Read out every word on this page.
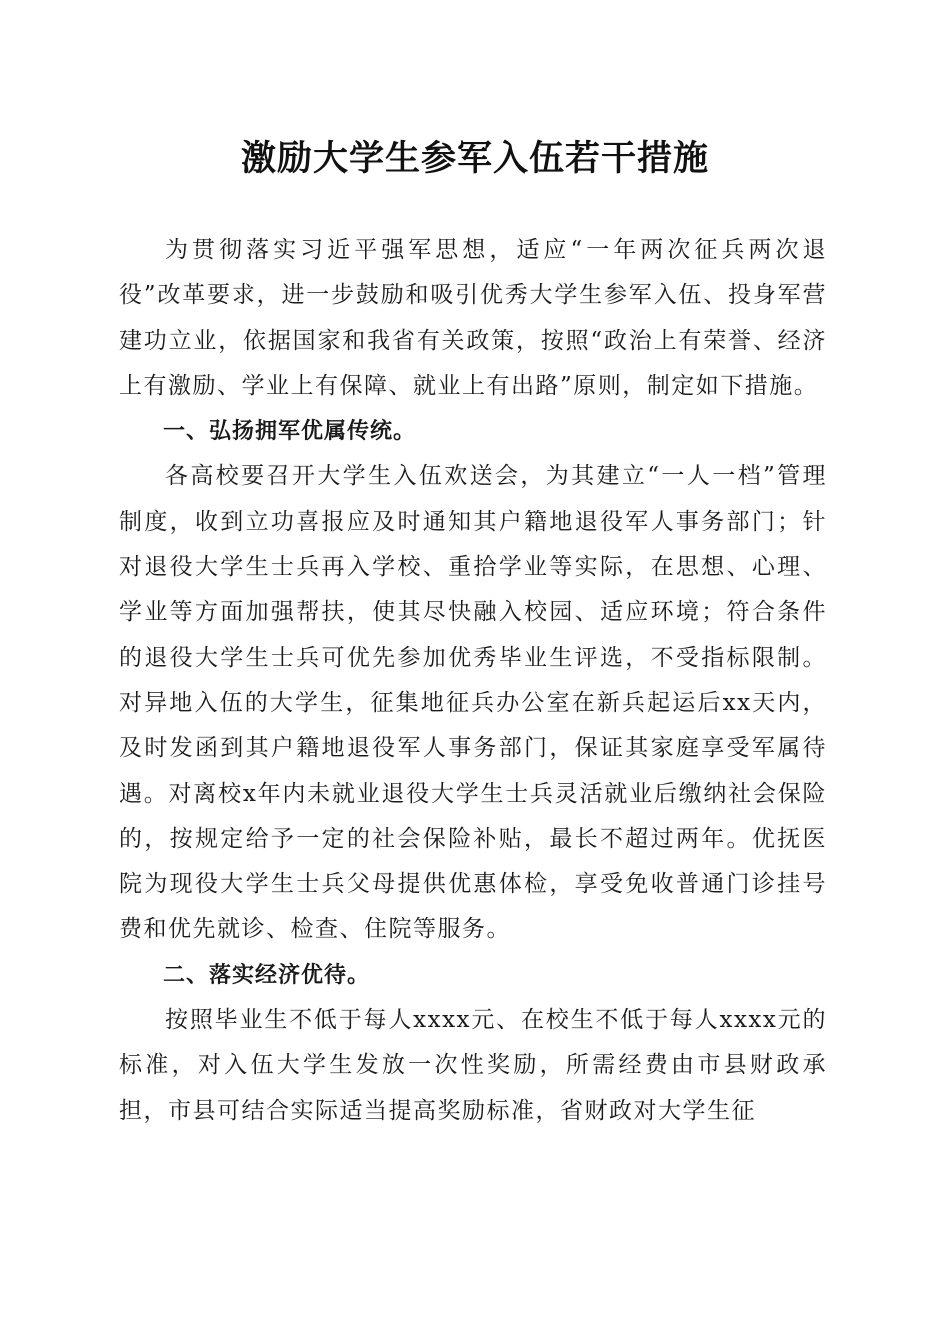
激励大学生参军入伍若干措施

为贯彻落实习近平强军思想，适应“一年两次征兵两次退役”改革要求，进一步鼓励和吸引优秀大学生参军入伍、投身军营建功立业，依据国家和我省有关政策，按照“政治上有荣誉、经济上有激励、学业上有保障、就业上有出路”原则，制定如下措施。

一、弘扬拥军优属传统。

各高校要召开大学生入伍欢送会，为其建立“一人一档”管理制度，收到立功喜报应及时通知其户籍地退役军人事务部门；针对退役大学生士兵再入学校、重拾学业等实际，在思想、心理、学业等方面加强帮扶，使其尽快融入校园、适应环境；符合条件的退役大学生士兵可优先参加优秀毕业生评选，不受指标限制。对异地入伍的大学生，征集地征兵办公室在新兵起运后xx天内，及时发函到其户籍地退役军人事务部门，保证其家庭享受军属待遇。对离校x年内未就业退役大学生士兵灵活就业后缴纳社会保险的，按规定给予一定的社会保险补贴，最长不超过两年。优抚医院为现役大学生士兵父母提供优惠体检，享受免收普通门诊挂号费和优先就诊、检查、住院等服务。

二、落实经济优待。

按照毕业生不低于每人xxxx元、在校生不低于每人xxxx元的标准，对入伍大学生发放一次性奖励，所需经费由市县财政承担，市县可结合实际适当提高奖励标准，省财政对大学生征
